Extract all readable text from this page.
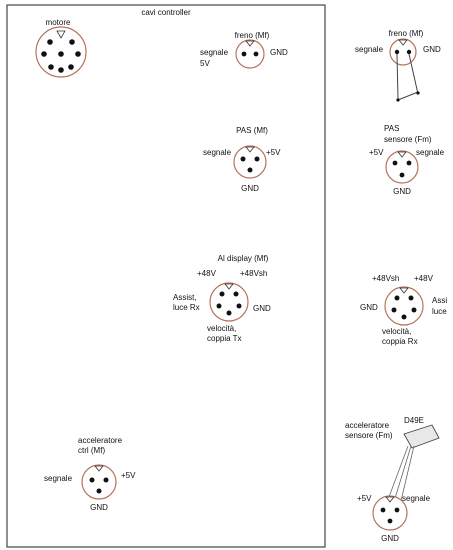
cavi controller
motore
freno (Mf)
segnale
5V
GND
PAS (Mf)
segnale	+5V
GND
Al display (Mf)
+48V	+48Vsh
Assist,
luce Rx	GND
velocità,
coppia Tx
acceleratore
ctrl (Mf)
segnale	+5V
GND
freno (Mf)
segnale	GND
PAS
sensore (Fm)
+5V	segnale
GND
+48Vsh +48V
GND
Assi
luce
velocità,
coppia Rx
acceleratore
sensore (Fm)
D49E
+5V	segnale
GND
